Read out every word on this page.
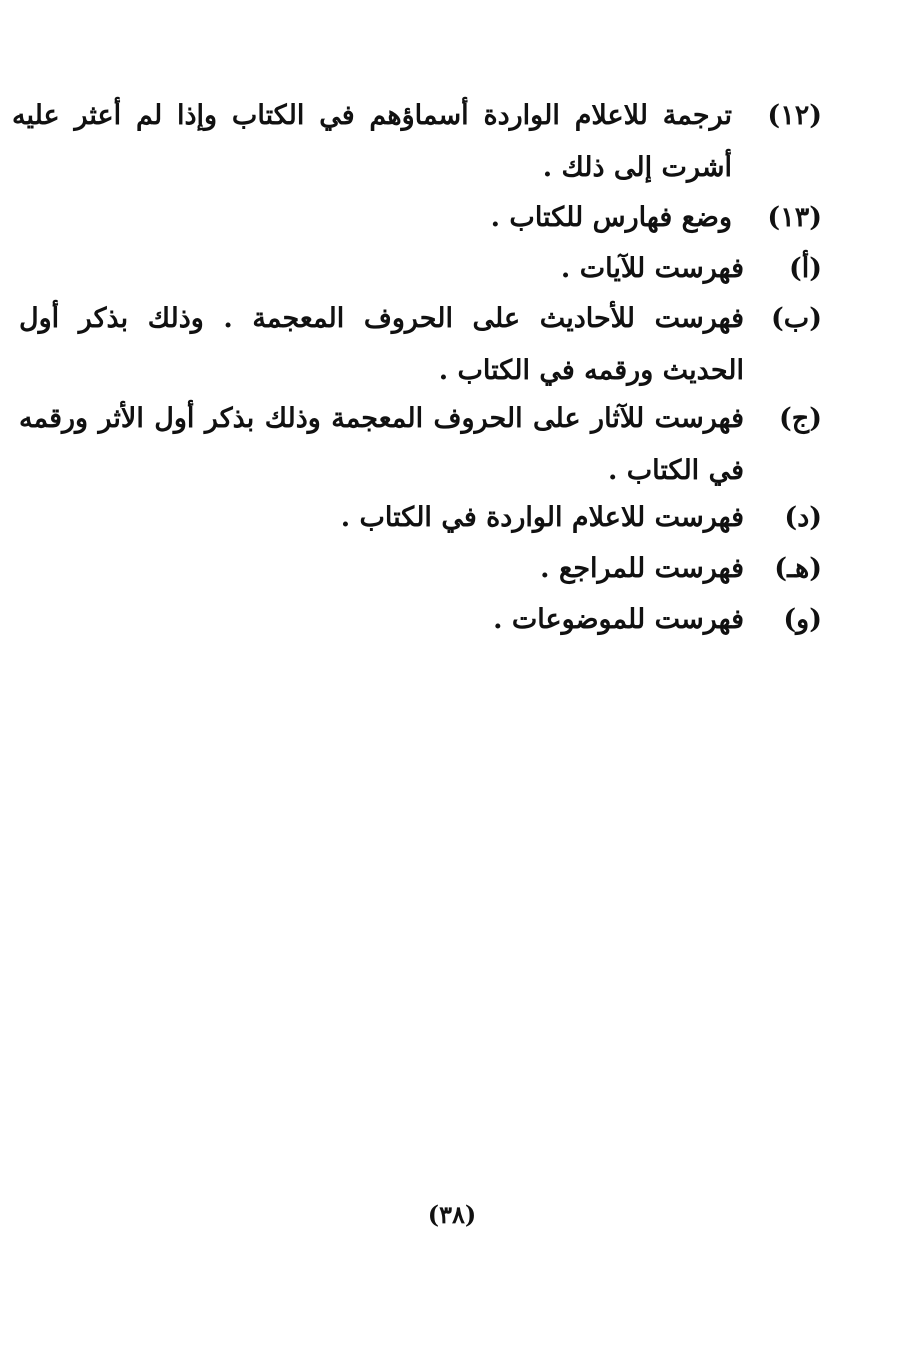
(١٢)
ترجمة للاعلام الواردة أسماؤهم في الكتاب وإذا لم أعثر عليه أشرت إلى ذلك .
(١٣)
وضع فهارس للكتاب .
(أ)
فهرست للآيات .
(ب)
فهرست للأحاديث على الحروف المعجمة . وذلك بذكر أول الحديث ورقمه في الكتاب .
(ج)
فهرست للآثار على الحروف المعجمة وذلك بذكر أول الأثر ورقمه في الكتاب .
(د)
فهرست للاعلام الواردة في الكتاب .
(هـ)
فهرست للمراجع .
(و)
فهرست للموضوعات .
(٣٨)
